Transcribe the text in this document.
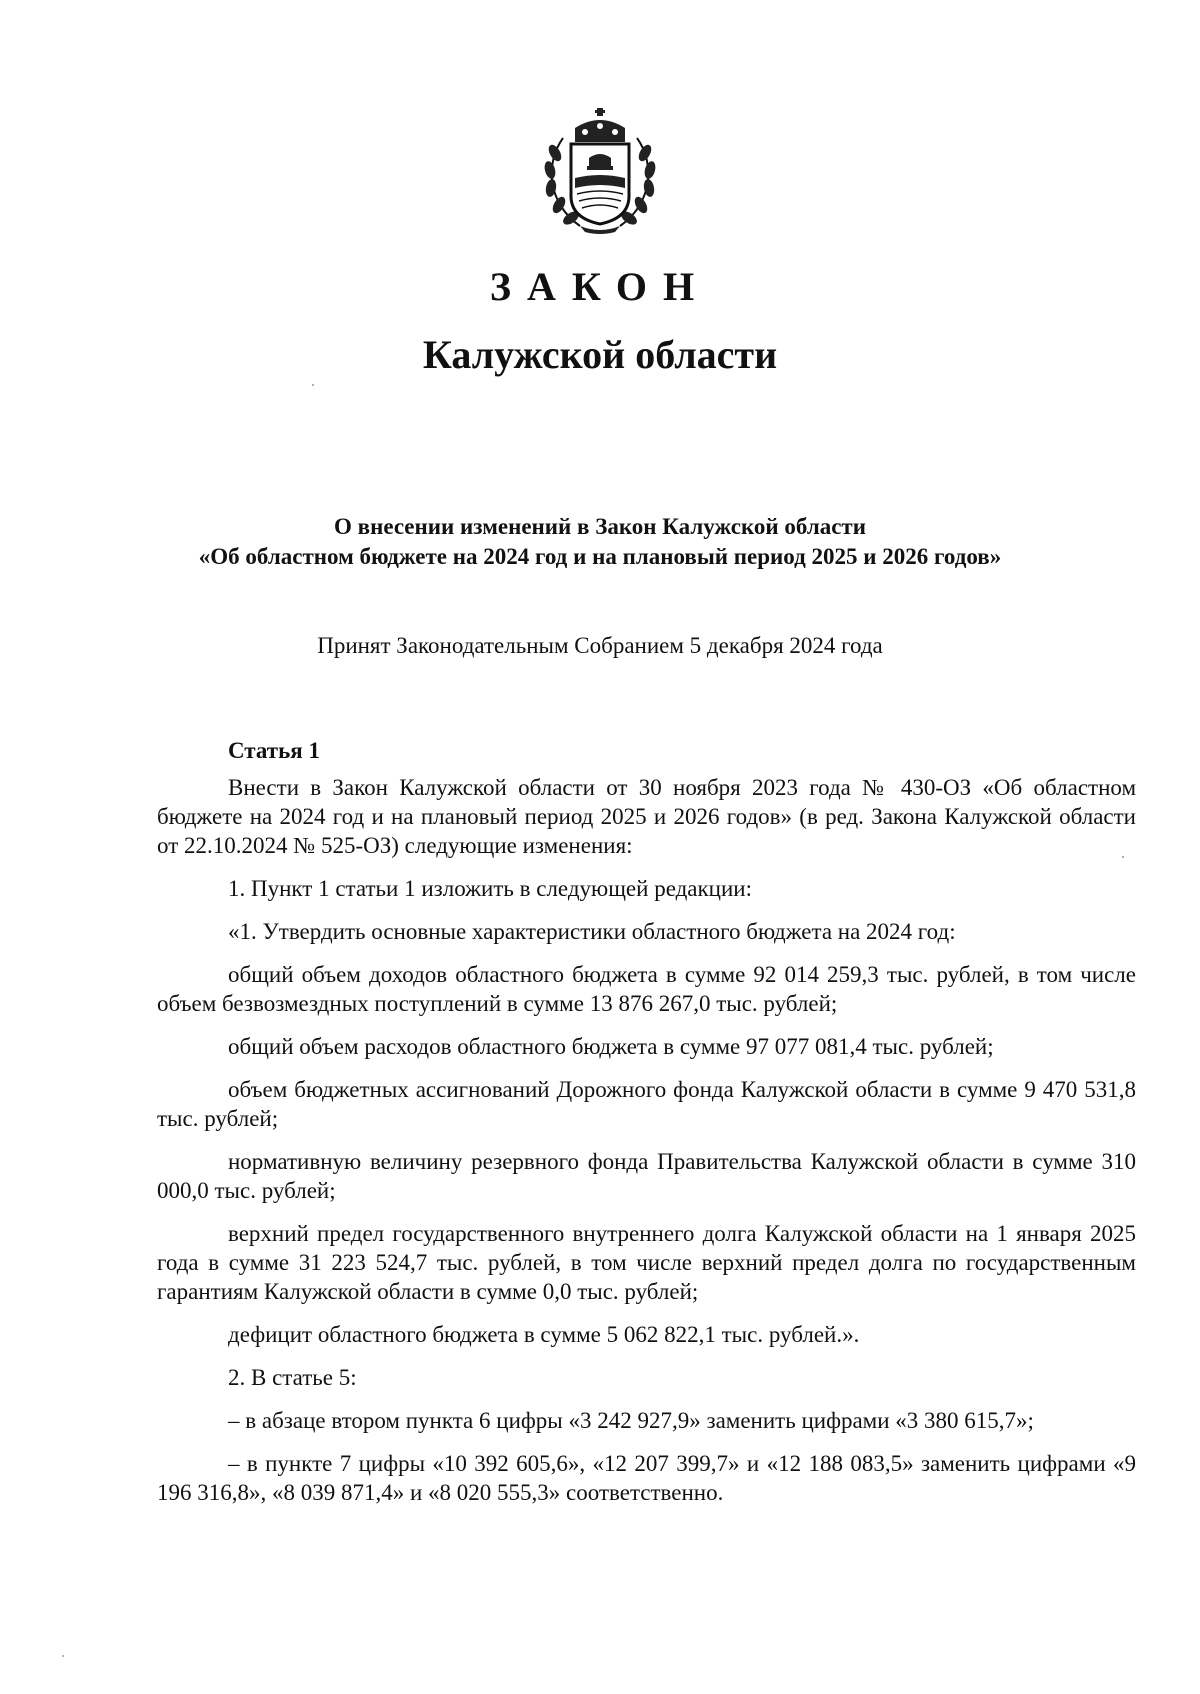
ЗАКОН
Калужской области
О внесении изменений в Закон Калужской области
«Об областном бюджете на 2024 год и на плановый период 2025 и 2026 годов»
Принят Законодательным Собранием 5 декабря 2024 года
Статья 1
Внести в Закон Калужской области от 30 ноября 2023 года № 430-ОЗ «Об областном бюджете на 2024 год и на плановый период 2025 и 2026 годов» (в ред. Закона Калужской области от 22.10.2024 № 525-ОЗ) следующие изменения:
1. Пункт 1 статьи 1 изложить в следующей редакции:
«1. Утвердить основные характеристики областного бюджета на 2024 год:
общий объем доходов областного бюджета в сумме 92 014 259,3 тыс. рублей, в том числе объем безвозмездных поступлений в сумме 13 876 267,0 тыс. рублей;
общий объем расходов областного бюджета в сумме 97 077 081,4 тыс. рублей;
объем бюджетных ассигнований Дорожного фонда Калужской области в сумме 9 470 531,8 тыс. рублей;
нормативную величину резервного фонда Правительства Калужской области в сумме 310 000,0 тыс. рублей;
верхний предел государственного внутреннего долга Калужской области на 1 января 2025 года в сумме 31 223 524,7 тыс. рублей, в том числе верхний предел долга по государственным гарантиям Калужской области в сумме 0,0 тыс. рублей;
дефицит областного бюджета в сумме 5 062 822,1 тыс. рублей.».
2. В статье 5:
– в абзаце втором пункта 6 цифры «3 242 927,9» заменить цифрами «3 380 615,7»;
– в пункте 7 цифры «10 392 605,6», «12 207 399,7» и «12 188 083,5» заменить цифрами «9 196 316,8», «8 039 871,4» и «8 020 555,3» соответственно.
